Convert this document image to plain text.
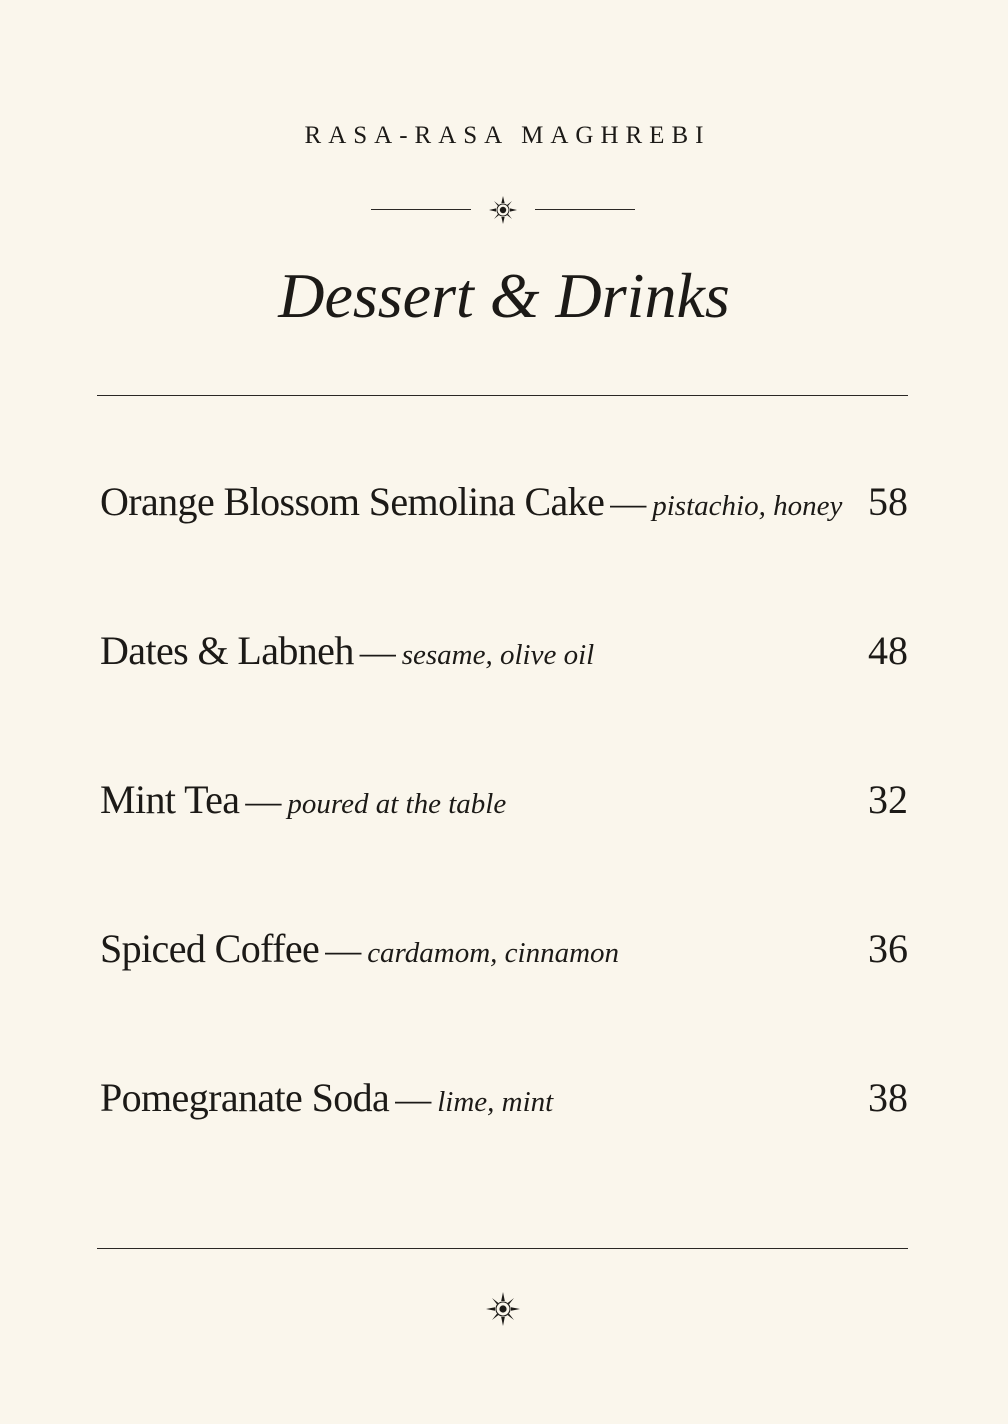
RASA-RASA MAGHREBI
Dessert & Drinks
Orange Blossom Semolina Cake — pistachio, honey 58
Dates & Labneh — sesame, olive oil	48
Mint Tea — poured at the table	32
Spiced Coffee — cardamom, cinnamon	36
Pomegranate Soda — lime, mint	38
